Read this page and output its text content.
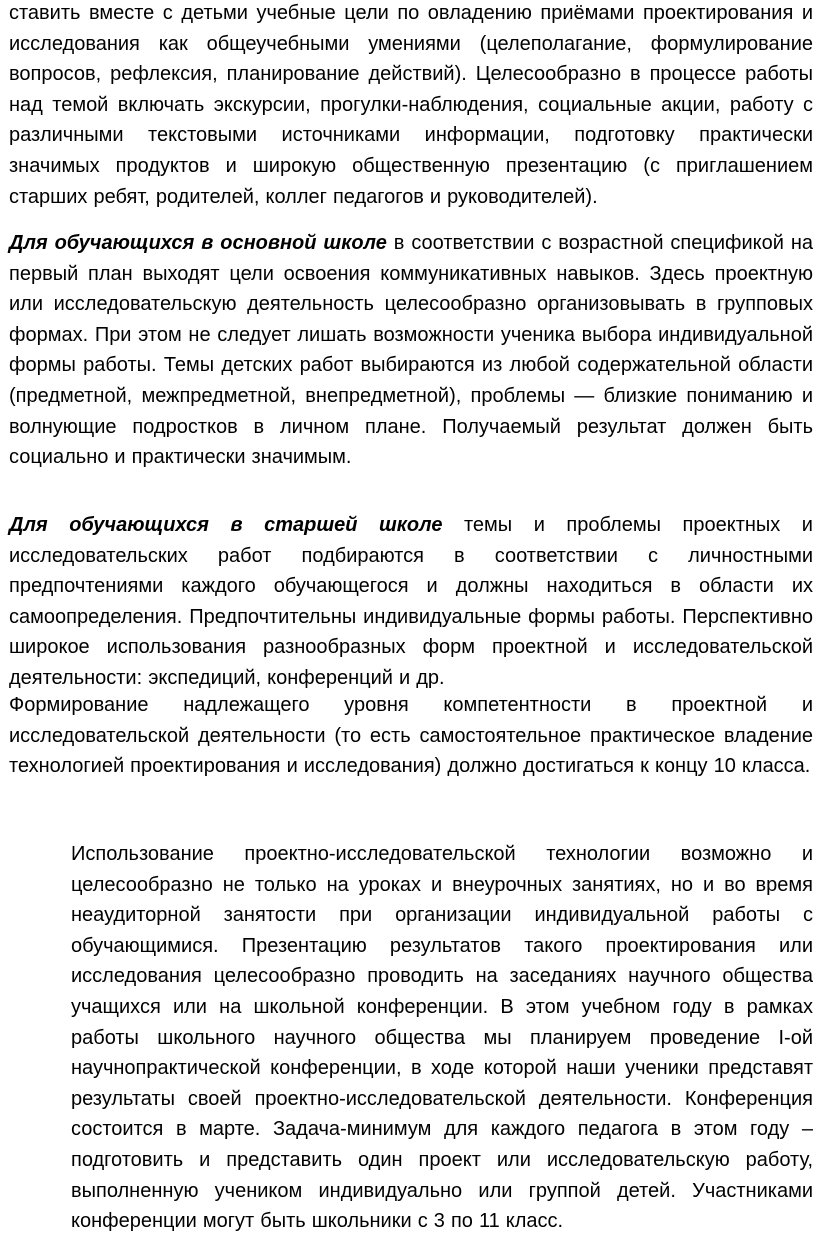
ставить вместе с детьми учебные цели по овладению приёмами проектирования и исследования как общеучебными умениями (целеполагание, формулирование вопросов, рефлексия, планирование действий). Целесообразно в процессе работы над темой включать экскурсии, прогулки-наблюдения, социальные акции, работу с различными текстовыми источниками информации, подготовку практически значимых продуктов и широкую общественную презентацию (с приглашением старших ребят, родителей, коллег педагогов и руководителей).

Для обучающихся в основной школе в соответствии с возрастной спецификой на первый план выходят цели освоения коммуникативных навыков. Здесь проектную или исследовательскую деятельность целесообразно организовывать в групповых формах. При этом не следует лишать возможности ученика выбора индивидуальной формы работы. Темы детских работ выбираются из любой содержательной области (предметной, межпредметной, внепредметной), проблемы — близкие пониманию и волнующие подростков в личном плане. Получаемый результат должен быть социально и практически значимым.

Для обучающихся в старшей школе темы и проблемы проектных и исследовательских работ подбираются в соответствии с личностными предпочтениями каждого обучающегося и должны находиться в области их самоопределения. Предпочтительны индивидуальные формы работы. Перспективно широкое использования разнообразных форм проектной и исследовательской деятельности: экспедиций, конференций и др.

Формирование надлежащего уровня компетентности в проектной и исследовательской деятельности (то есть самостоятельное практическое владение технологией проектирования и исследования) должно достигаться к концу 10 класса.

Использование проектно-исследовательской технологии возможно и целесообразно не только на уроках и внеурочных занятиях, но и во время неаудиторной занятости при организации индивидуальной работы с обучающимися. Презентацию результатов такого проектирования или исследования целесообразно проводить на заседаниях научного общества учащихся или на школьной конференции. В этом учебном году в рамках работы школьного научного общества мы планируем проведение I-ой научнопрактической конференции, в ходе которой наши ученики представят результаты своей проектно-исследовательской деятельности. Конференция состоится в марте. Задача-минимум для каждого педагога в этом году – подготовить и представить один проект или исследовательскую работу, выполненную учеником индивидуально или группой детей. Участниками конференции могут быть школьники с 3 по 11 класс.
